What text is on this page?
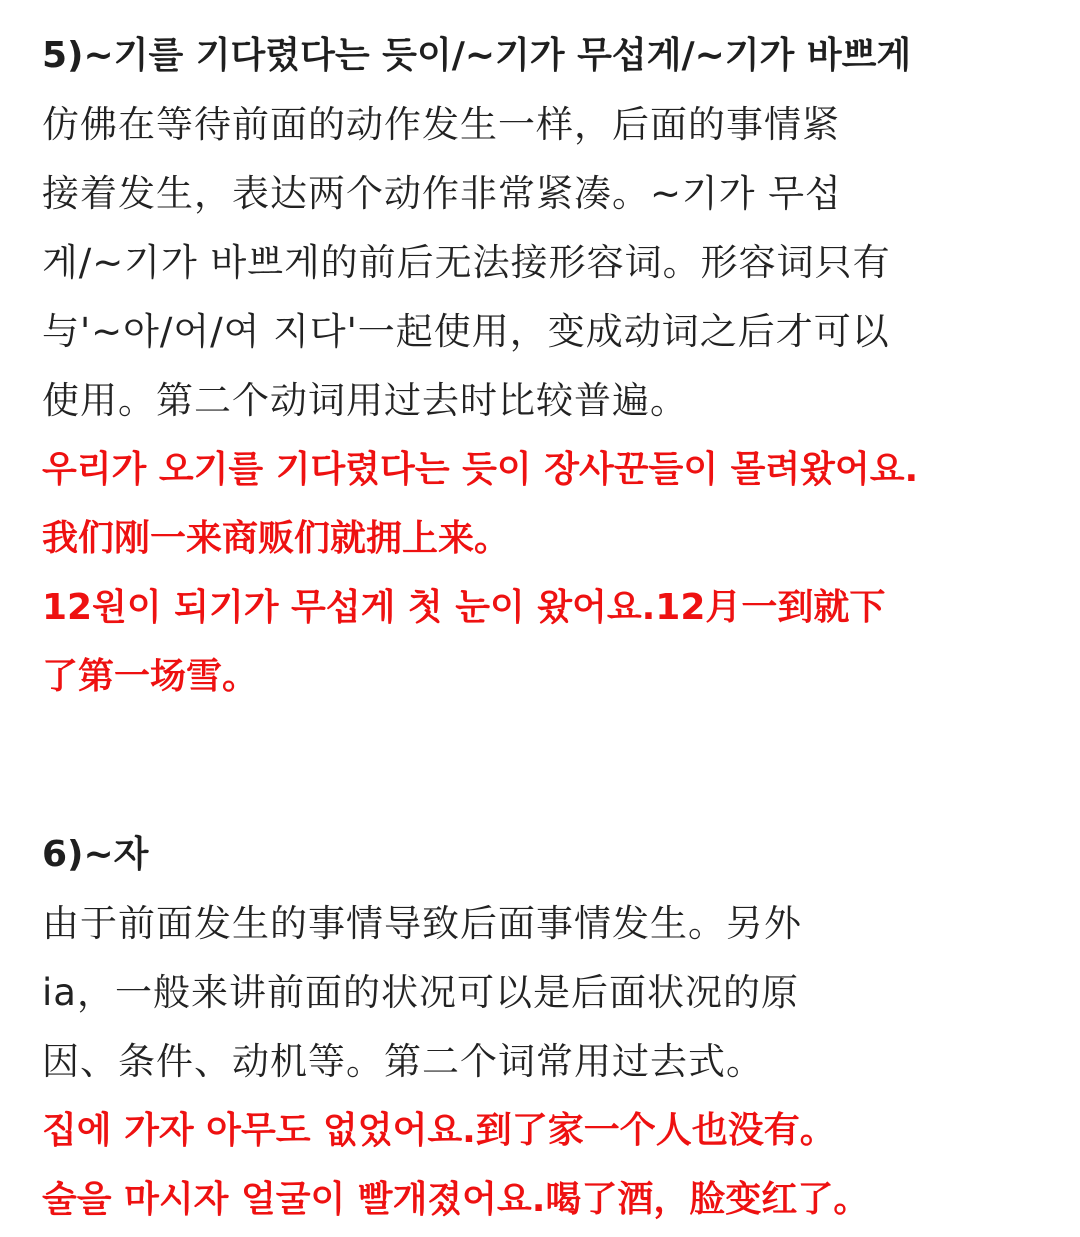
5)~기를 기다렸다는 듯이/~기가 무섭게/~기가 바쁘게

仿佛在等待前面的动作发生一样，后面的事情紧

接着发生，表达两个动作非常紧凑。~기가 무섭

게/~기가 바쁘게的前后无法接形容词。形容词只有

与'~아/어/여 지다'一起使用，变成动词之后才可以

使用。第二个动词用过去时比较普遍。

우리가 오기를 기다렸다는 듯이 장사꾼들이 몰려왔어요.

我们刚一来商贩们就拥上来。

12원이 되기가 무섭게 첫 눈이 왔어요.12月一到就下

了第一场雪。

6)~자

由于前面发生的事情导致后面事情发生。另外

ia，一般来讲前面的状况可以是后面状况的原

因、条件、动机等。第二个词常用过去式。

집에 가자 아무도 없었어요.到了家一个人也没有。

술을 마시자 얼굴이 빨개졌어요.喝了酒，脸变红了。
